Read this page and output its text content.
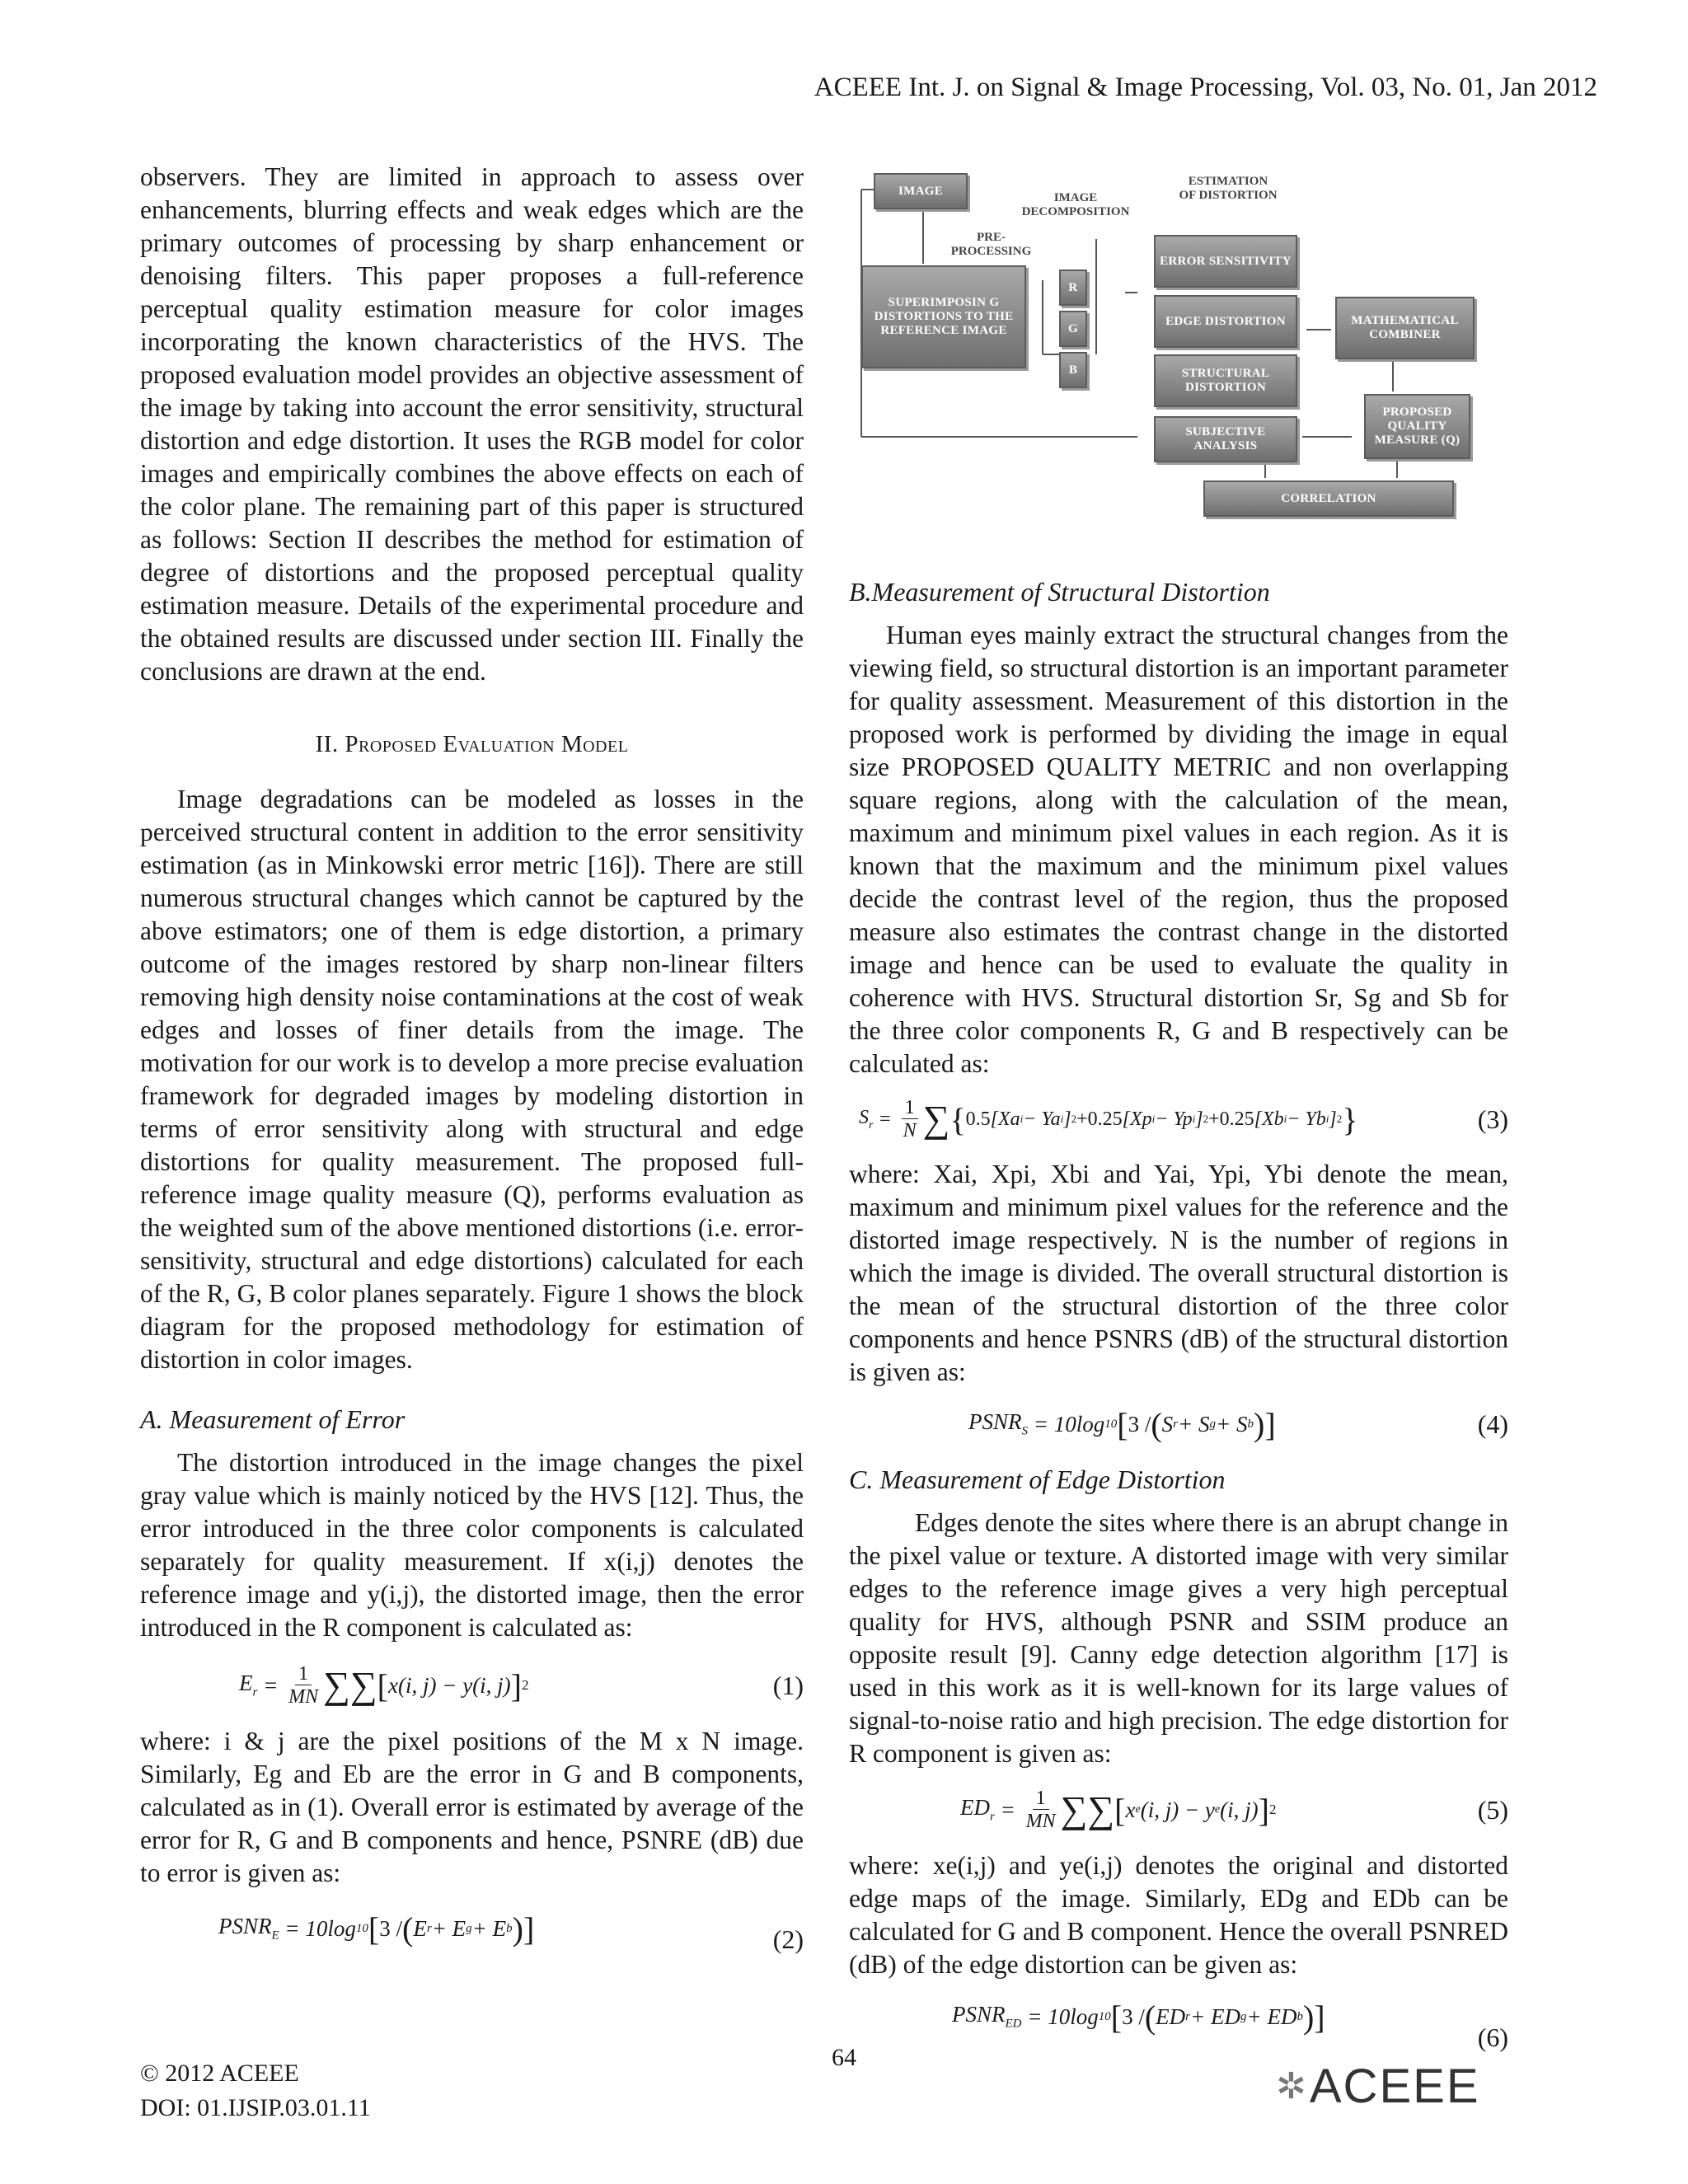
ACEEE Int. J. on Signal & Image Processing, Vol. 03, No. 01, Jan 2012

observers. They are limited in approach to assess over enhancements, blurring effects and weak edges which are the primary outcomes of processing by sharp enhancement or denoising filters. This paper proposes a full-reference perceptual quality estimation measure for color images incorporating the known characteristics of the HVS. The proposed evaluation model provides an objective assessment of the image by taking into account the error sensitivity, structural distortion and edge distortion. It uses the RGB model for color images and empirically combines the above effects on each of the color plane. The remaining part of this paper is structured as follows: Section II describes the method for estimation of degree of distortions and the proposed perceptual quality estimation measure. Details of the experimental procedure and the obtained results are discussed under section III. Finally the conclusions are drawn at the end.

II. Proposed Evaluation Model

Image degradations can be modeled as losses in the perceived structural content in addition to the error sensitivity estimation (as in Minkowski error metric [16]). There are still numerous structural changes which cannot be captured by the above estimators; one of them is edge distortion, a primary outcome of the images restored by sharp non-linear filters removing high density noise contaminations at the cost of weak edges and losses of finer details from the image. The motivation for our work is to develop a more precise evaluation framework for degraded images by modeling distortion in terms of error sensitivity along with structural and edge distortions for quality measurement. The proposed full-reference image quality measure (Q), performs evaluation as the weighted sum of the above mentioned distortions (i.e. error-sensitivity, structural and edge distortions) calculated for each of the R, G, B color planes separately. Figure 1 shows the block diagram for the proposed methodology for estimation of distortion in color images.

A. Measurement of Error

The distortion introduced in the image changes the pixel gray value which is mainly noticed by the HVS [12]. Thus, the error introduced in the three color components is calculated separately for quality measurement. If x(i,j) denotes the reference image and y(i,j), the distorted image, then the error introduced in the R component is calculated as:

$E_r = \frac{1}{MN}$ ∑∑ [ x(i, j) − y(i, j) ] 2	(1)

where: i & j are the pixel positions of the M x N image. Similarly, Eg and Eb are the error in G and B components, calculated as in (1). Overall error is estimated by average of the error for R, G and B components and hence, PSNRE (dB) due to error is given as:

$PSNR_E = 10$ log 10 [ 3 / ( E r + E g + E b ) ]	(2)
IMAGE
IMAGE DECOMPOSITION
ESTIMATION OF DISTORTION
PRE-PROCESSING
SUPERIMPOSIN G DISTORTIONS TO THE REFERENCE IMAGE
R
G
B
ERROR SENSITIVITY
EDGE DISTORTION
STRUCTURAL DISTORTION
MATHEMATICAL COMBINER
PROPOSED QUALITY MEASURE (Q)
SUBJECTIVE ANALYSIS
CORRELATION
B.Measurement of Structural Distortion

Human eyes mainly extract the structural changes from the viewing field, so structural distortion is an important parameter for quality assessment. Measurement of this distortion in the proposed work is performed by dividing the image in equal size PROPOSED QUALITY METRIC and non overlapping square regions, along with the calculation of the mean, maximum and minimum pixel values in each region. As it is known that the maximum and the minimum pixel values decide the contrast level of the region, thus the proposed measure also estimates the contrast change in the distorted image and hence can be used to evaluate the quality in coherence with HVS. Structural distortion Sr, Sg and Sb for the three color components R, G and B respectively can be calculated as:

$S_r = \frac{1}{N}$ ∑ { 0.5 [Xa i − Ya i ] 2 +0.25 [Xp i − Yp i ] 2 +0.25 [Xb i − Yb i ] 2 }	(3)

where: Xai, Xpi, Xbi and Yai, Ypi, Ybi denote the mean, maximum and minimum pixel values for the reference and the distorted image respectively. N is the number of regions in which the image is divided. The overall structural distortion is the mean of the structural distortion of the three color components and hence PSNRS (dB) of the structural distortion is given as:

$PSNR_S = 10$ log 10 [ 3 / ( S r + S g + S b ) ]	(4)
C. Measurement of Edge Distortion

Edges denote the sites where there is an abrupt change in the pixel value or texture. A distorted image with very similar edges to the reference image gives a very high perceptual quality for HVS, although PSNR and SSIM produce an opposite result [9]. Canny edge detection algorithm [17] is used in this work as it is well-known for its large values of signal-to-noise ratio and high precision. The edge distortion for R component is given as:

$ED_r = \frac{1}{MN}$ ∑∑ [ x e (i, j) − y e (i, j) ] 2	(5)

where: xe(i,j) and ye(i,j) denotes the original and distorted edge maps of the image. Similarly, EDg and EDb can be calculated for G and B component. Hence the overall PSNRED (dB) of the edge distortion can be given as:

$PSNR_{ED} = 10$ log 10 [ 3 / ( ED r + ED g + ED b ) ]
(6)
© 2012 ACEEE
DOI: 01.IJSIP.03.01.11
64
✲ ACEEE
